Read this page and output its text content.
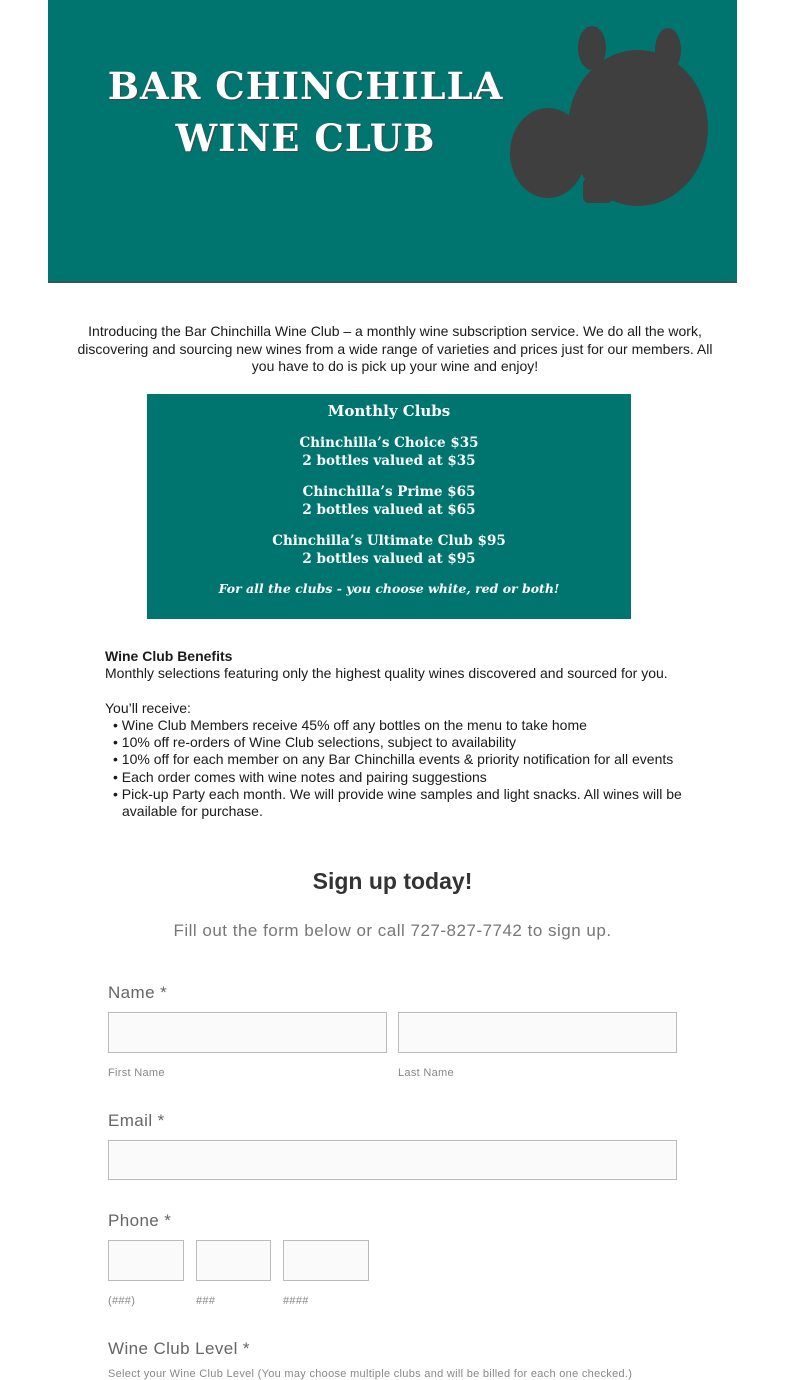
BAR CHINCHILLA
WINE CLUB
Introducing the Bar Chinchilla Wine Club – a monthly wine subscription service. We do all the work, discovering and sourcing new wines from a wide range of varieties and prices just for our members. All you have to do is pick up your wine and enjoy!
Monthly Clubs
Chinchilla’s Choice $35
2 bottles valued at $35
Chinchilla’s Prime $65
2 bottles valued at $65
Chinchilla’s Ultimate Club $95
2 bottles valued at $95
For all the clubs - you choose white, red or both!
Wine Club Benefits
Monthly selections featuring only the highest quality wines discovered and sourced for you.
You’ll receive:
• Wine Club Members receive 45% off any bottles on the menu to take home
• 10% off re-orders of Wine Club selections, subject to availability
• 10% off for each member on any Bar Chinchilla events & priority notification for all events
• Each order comes with wine notes and pairing suggestions
• Pick-up Party each month. We will provide wine samples and light snacks. All wines will be available for purchase.
Sign up today!
Fill out the form below or call 727-827-7742 to sign up.
Name *
First Name	Last Name
Email *
Phone *
(###)	###	####
Wine Club Level *
Select your Wine Club Level (You may choose multiple clubs and will be billed for each one checked.)
